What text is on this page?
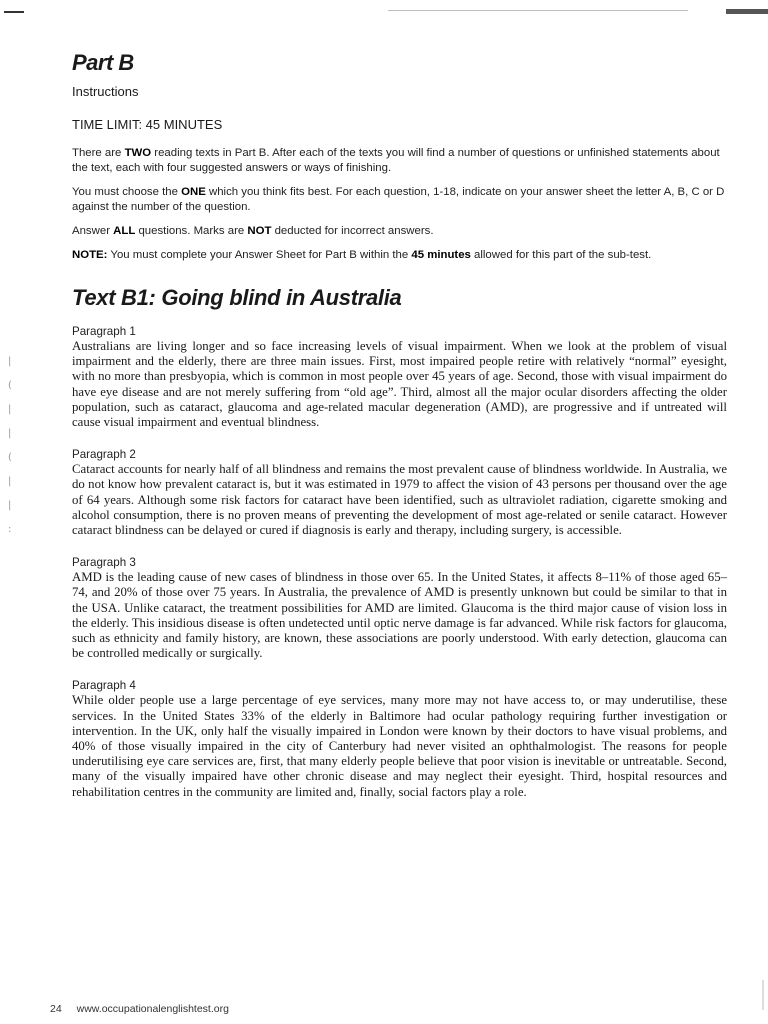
|
(
|
|
(
|
|
:
Part B
Instructions
TIME LIMIT: 45 MINUTES

There are TWO reading texts in Part B. After each of the texts you will find a number of questions or unfinished statements about the text, each with four suggested answers or ways of finishing.

You must choose the ONE which you think fits best. For each question, 1-18, indicate on your answer sheet the letter A, B, C or D against the number of the question.

Answer ALL questions. Marks are NOT deducted for incorrect answers.

NOTE: You must complete your Answer Sheet for Part B within the 45 minutes allowed for this part of the sub-test.

Text B1: Going blind in Australia
Paragraph 1

Australians are living longer and so face increasing levels of visual impairment. When we look at the problem of visual impairment and the elderly, there are three main issues. First, most impaired people retire with relatively “normal” eyesight, with no more than presbyopia, which is common in most people over 45 years of age. Second, those with visual impairment do have eye disease and are not merely suffering from “old age”. Third, almost all the major ocular disorders affecting the older population, such as cataract, glaucoma and age-related macular degeneration (AMD), are progressive and if untreated will cause visual impairment and eventual blindness.

Paragraph 2

Cataract accounts for nearly half of all blindness and remains the most prevalent cause of blindness worldwide. In Australia, we do not know how prevalent cataract is, but it was estimated in 1979 to affect the vision of 43 persons per thousand over the age of 64 years. Although some risk factors for cataract have been identified, such as ultraviolet radiation, cigarette smoking and alcohol consumption, there is no proven means of preventing the development of most age-related or senile cataract. However cataract blindness can be delayed or cured if diagnosis is early and therapy, including surgery, is accessible.

Paragraph 3

AMD is the leading cause of new cases of blindness in those over 65. In the United States, it affects 8–11% of those aged 65–74, and 20% of those over 75 years. In Australia, the prevalence of AMD is presently unknown but could be similar to that in the USA. Unlike cataract, the treatment possibilities for AMD are limited. Glaucoma is the third major cause of vision loss in the elderly. This insidious disease is often undetected until optic nerve damage is far advanced. While risk factors for glaucoma, such as ethnicity and family history, are known, these associations are poorly understood. With early detection, glaucoma can be controlled medically or surgically.

Paragraph 4

While older people use a large percentage of eye services, many more may not have access to, or may underutilise, these services. In the United States 33% of the elderly in Baltimore had ocular pathology requiring further investigation or intervention. In the UK, only half the visually impaired in London were known by their doctors to have visual problems, and 40% of those visually impaired in the city of Canterbury had never visited an ophthalmologist. The reasons for people underutilising eye care services are, first, that many elderly people believe that poor vision is inevitable or untreatable. Second, many of the visually impaired have other chronic disease and may neglect their eyesight. Third, hospital resources and rehabilitation centres in the community are limited and, finally, social factors play a role.

24 www.occupationalenglishtest.org
